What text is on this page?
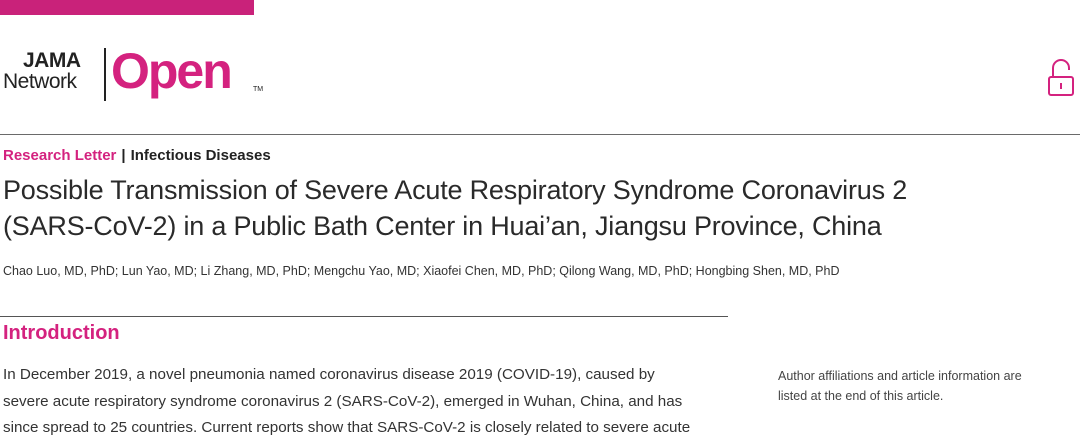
JAMA
Network Open	TM
Research Letter | Infectious Diseases
Possible Transmission of Severe Acute Respiratory Syndrome Coronavirus 2
(SARS-CoV-2) in a Public Bath Center in Huai’an, Jiangsu Province, China
Chao Luo, MD, PhD; Lun Yao, MD; Li Zhang, MD, PhD; Mengchu Yao, MD; Xiaofei Chen, MD, PhD; Qilong Wang, MD, PhD; Hongbing Shen, MD, PhD
Introduction

In December 2019, a novel pneumonia named coronavirus disease 2019 (COVID-19), caused by
severe acute respiratory syndrome coronavirus 2 (SARS-CoV-2), emerged in Wuhan, China, and has
since spread to 25 countries. Current reports show that SARS-CoV-2 is closely related to severe acute

Author affiliations and article information are
listed at the end of this article.
